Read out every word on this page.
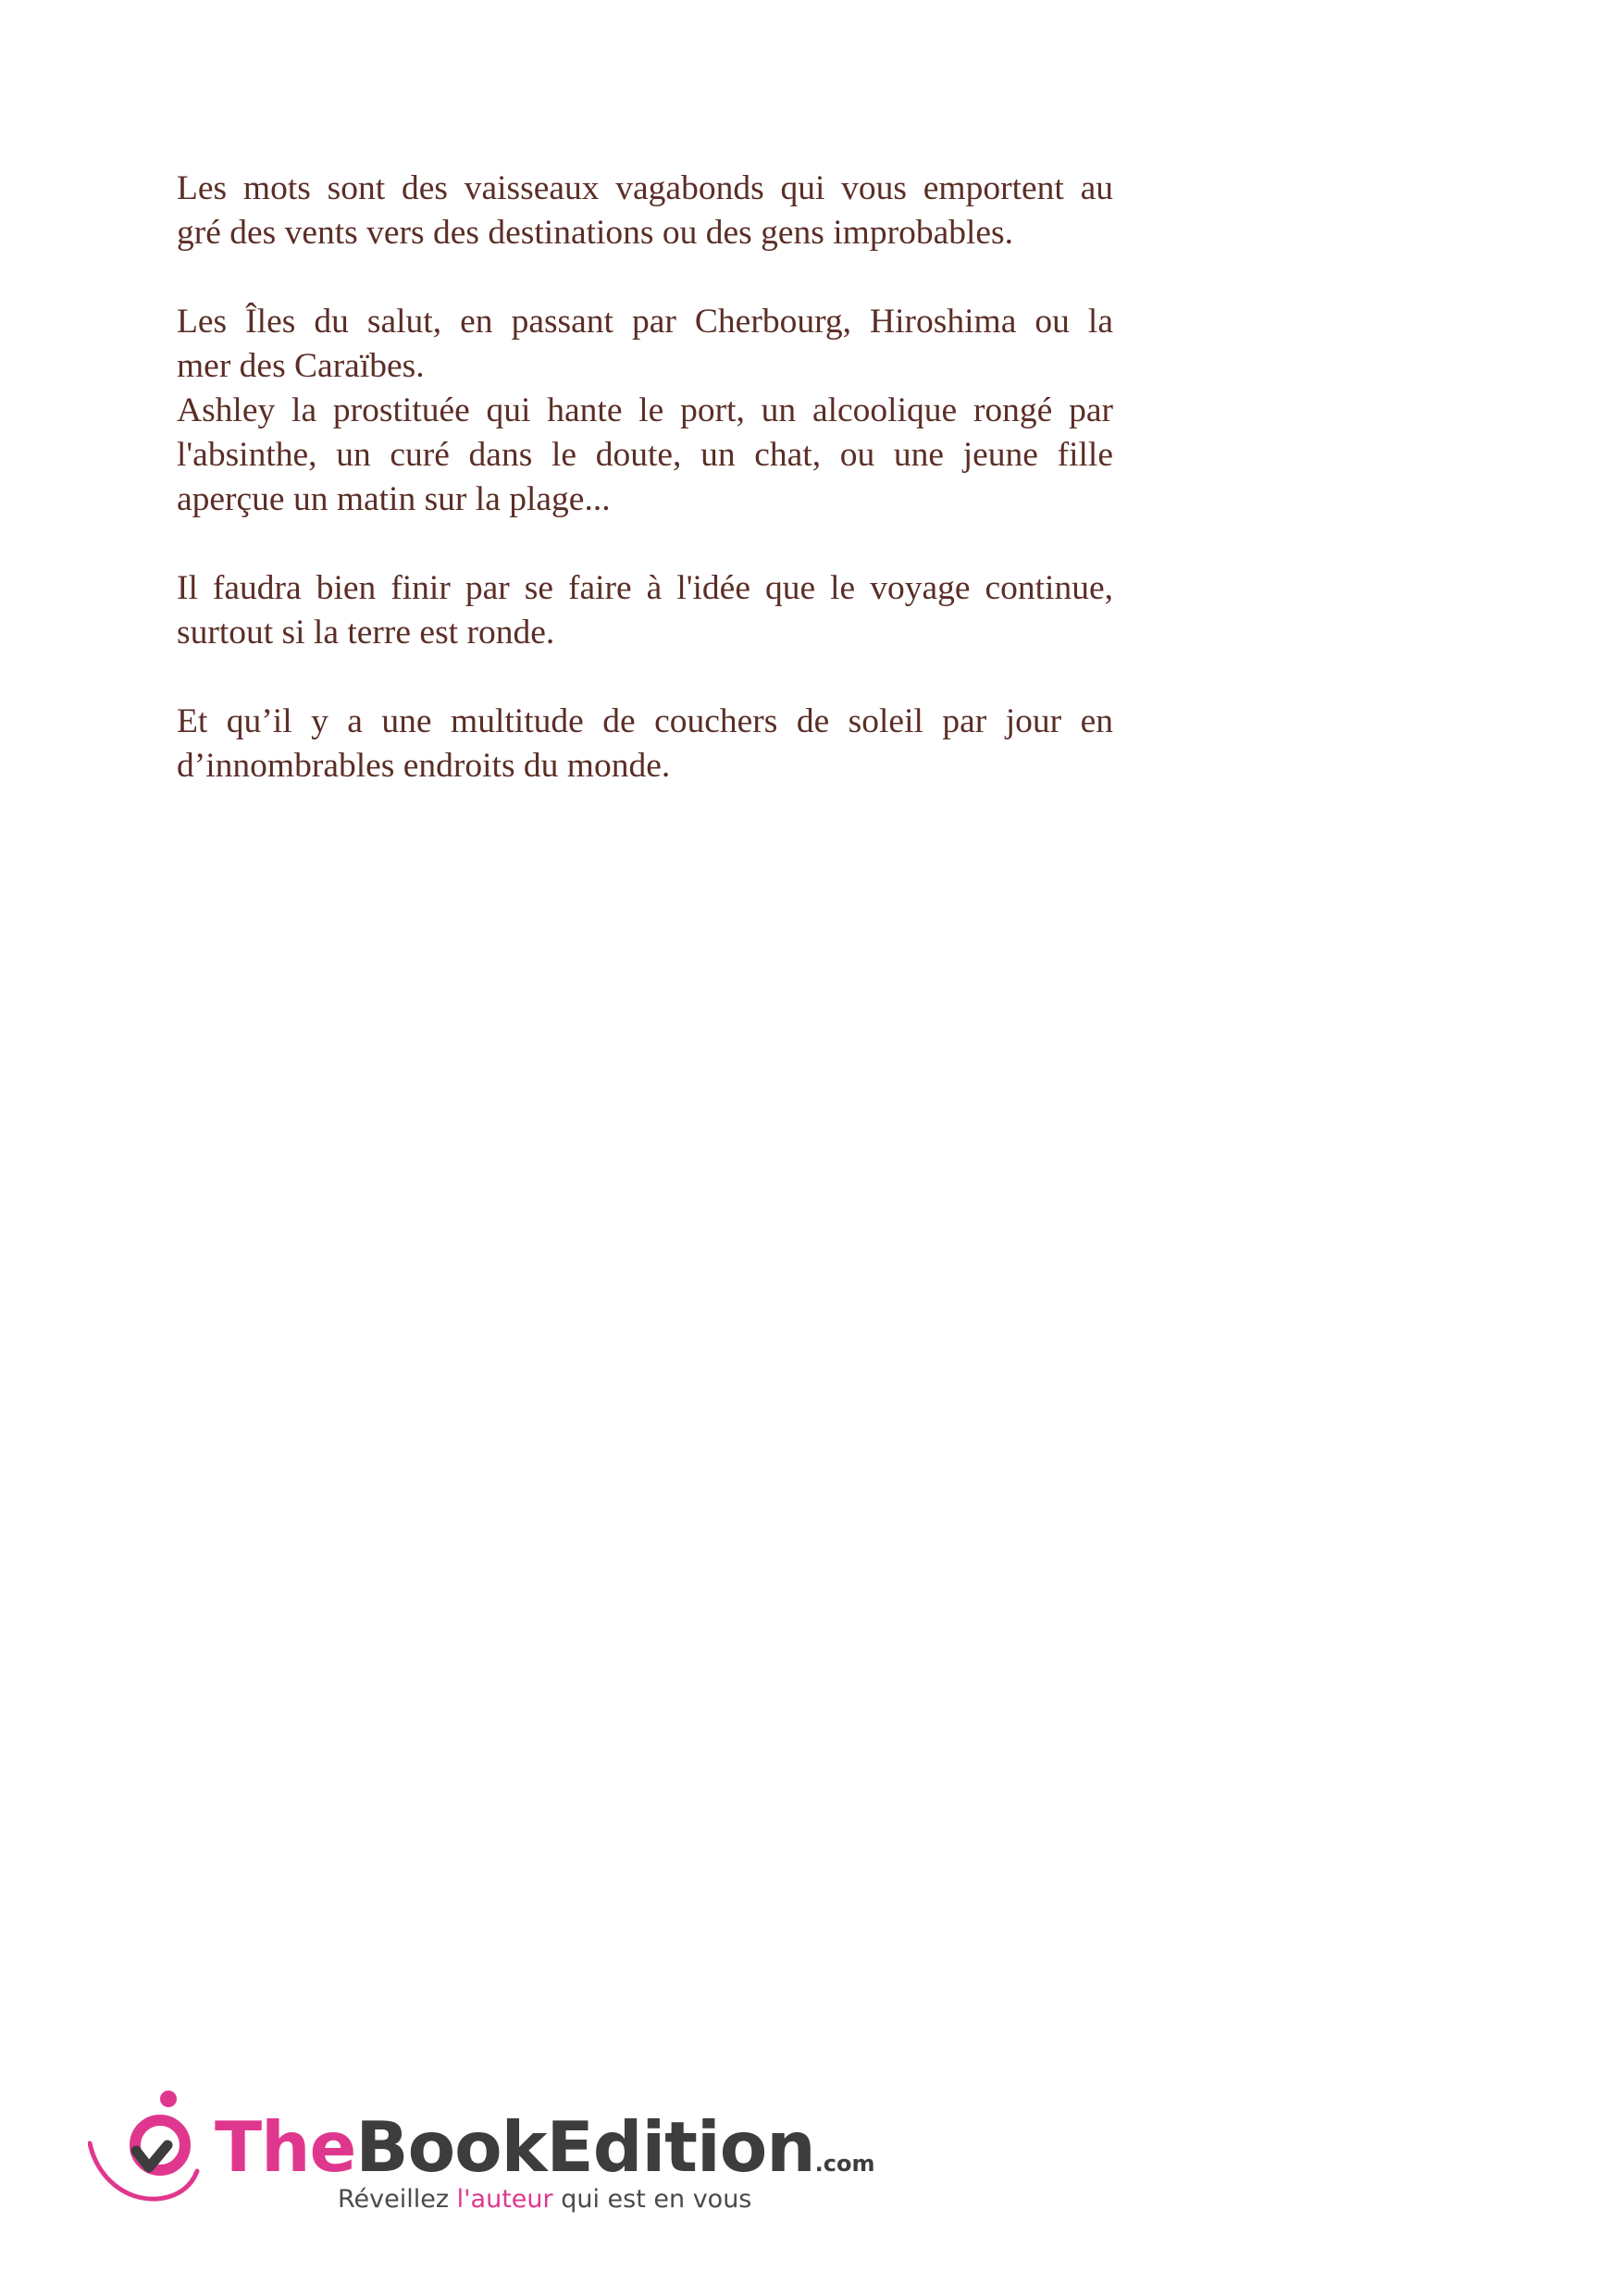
Les mots sont des vaisseaux vagabonds qui vous emportent au
gré des vents vers des destinations ou des gens improbables.

Les Îles du salut, en passant par Cherbourg, Hiroshima ou la
mer des Caraïbes.
Ashley la prostituée qui hante le port, un alcoolique rongé par
l'absinthe, un curé dans le doute, un chat, ou une jeune fille
aperçue un matin sur la plage...

Il faudra bien finir par se faire à l'idée que le voyage continue,
surtout si la terre est ronde.

Et qu’il y a une multitude de couchers de soleil par jour en
d’innombrables endroits du monde.

TheBookEdition.com
Réveillez l'auteur qui est en vous
